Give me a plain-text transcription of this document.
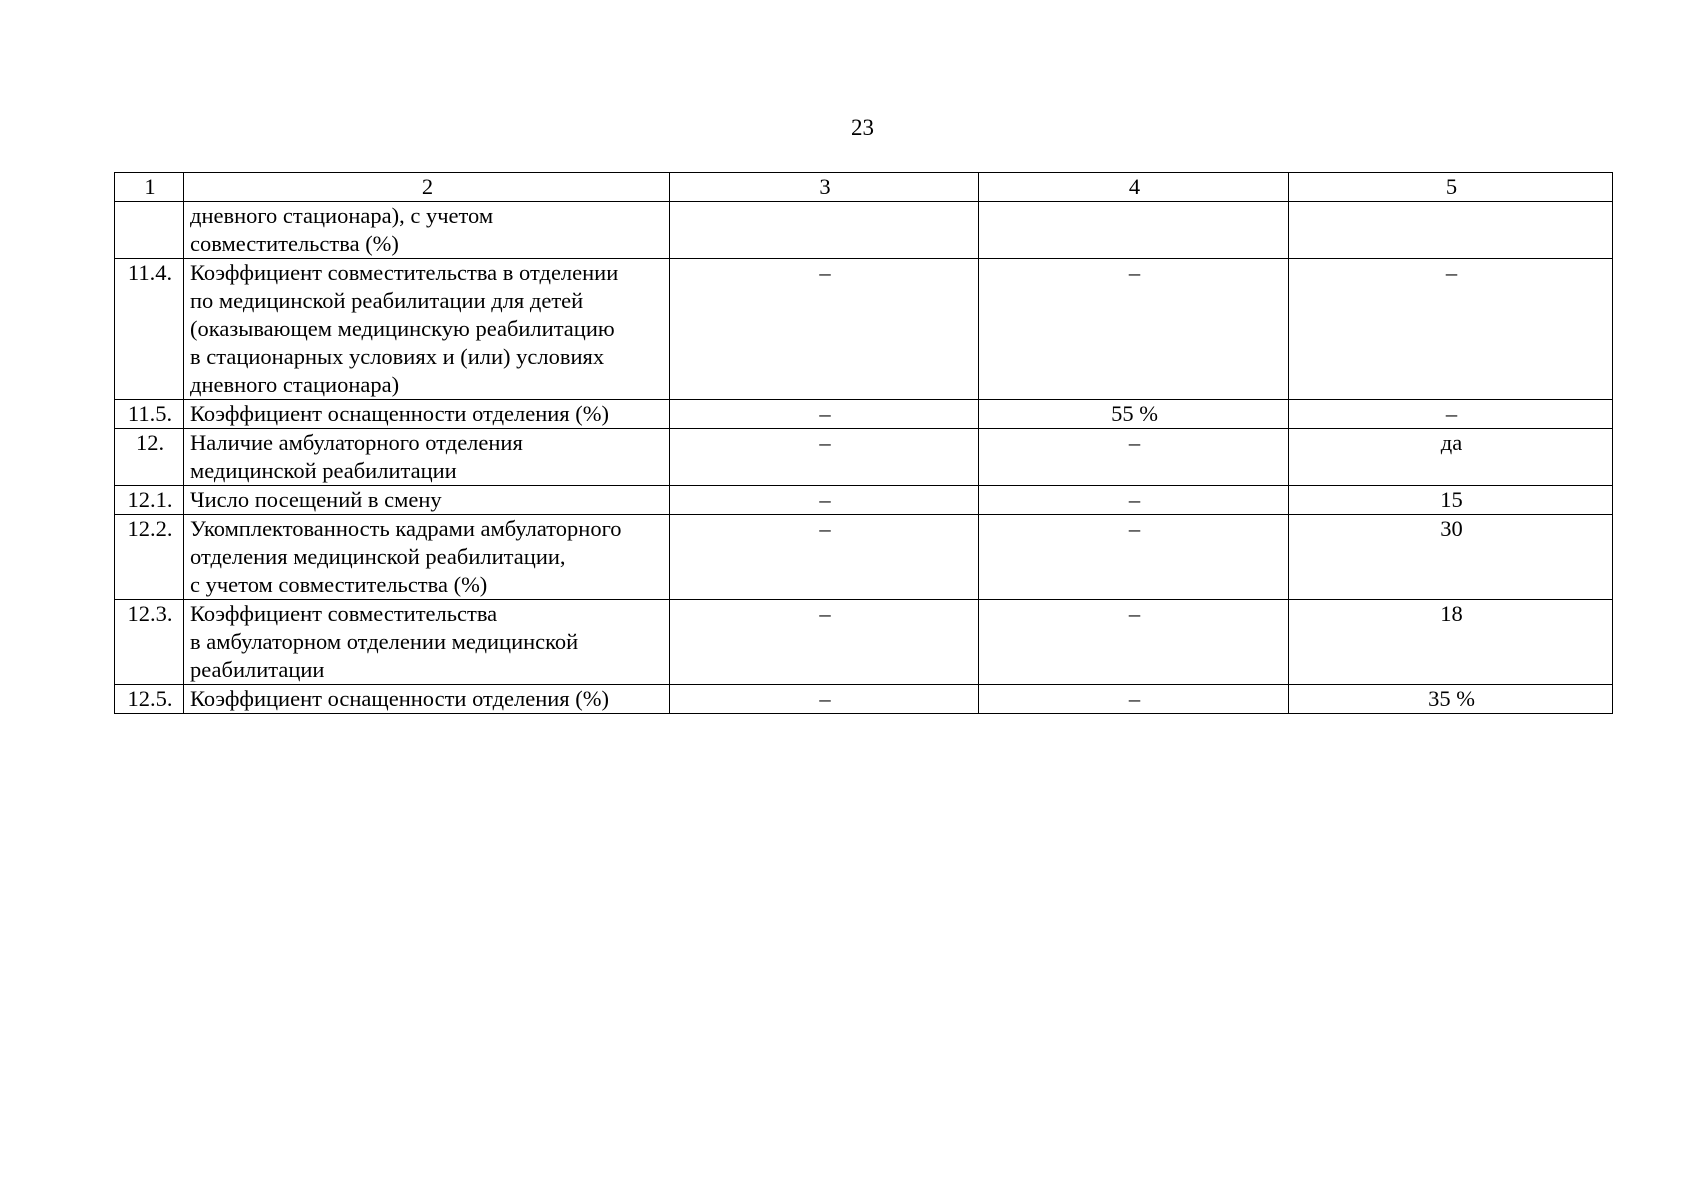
23
1	2	3	4	5
	дневного стационара), с учетом
совместительства (%)			
11.4.	Коэффициент совместительства в отделении
по медицинской реабилитации для детей
(оказывающем медицинскую реабилитацию
в стационарных условиях и (или) условиях
дневного стационара)	–	–	–
11.5.	Коэффициент оснащенности отделения (%)	–	55 %	–
12.	Наличие амбулаторного отделения
медицинской реабилитации	–	–	да
12.1.	Число посещений в смену	–	–	15
12.2.	Укомплектованность кадрами амбулаторного
отделения медицинской реабилитации,
с учетом совместительства (%)	–	–	30
12.3.	Коэффициент совместительства
в амбулаторном отделении медицинской
реабилитации	–	–	18
12.5.	Коэффициент оснащенности отделения (%)	–	–	35 %
